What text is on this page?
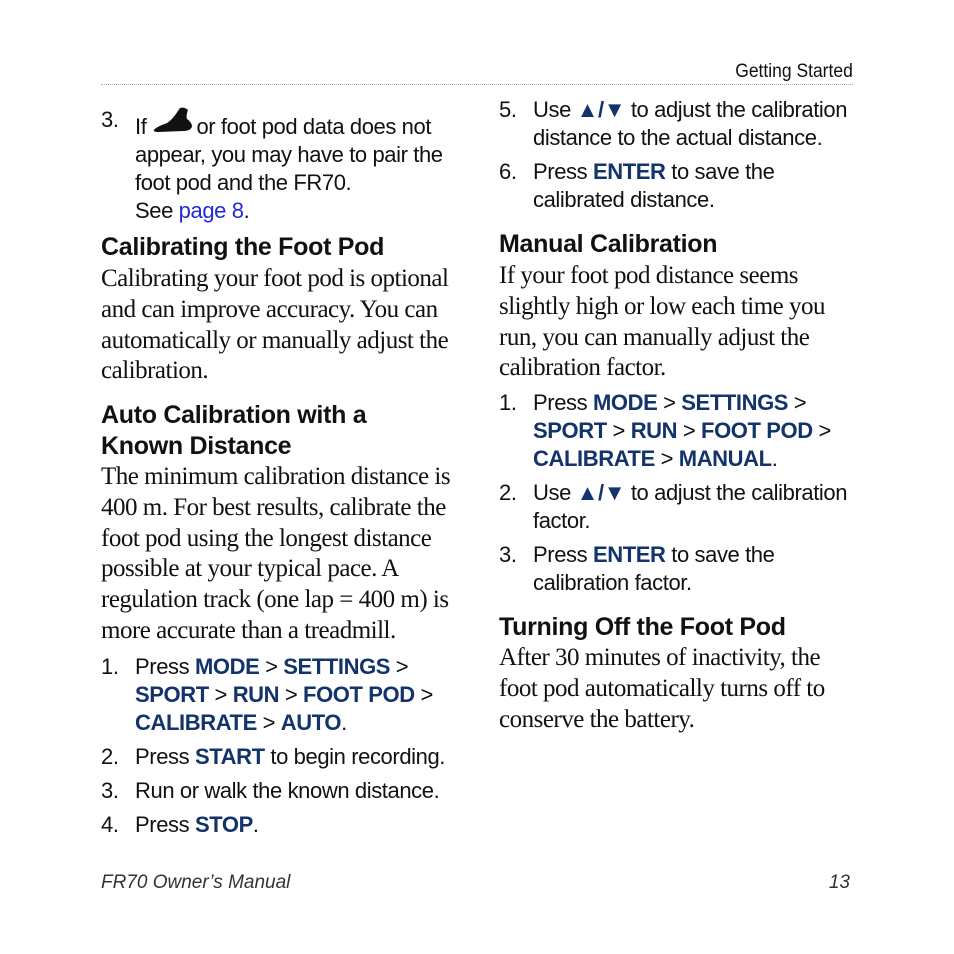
Getting Started
3. If or foot pod data does not
appear, you may have to pair the
foot pod and the FR70.
See page 8.
Calibrating the Foot Pod
Calibrating your foot pod is optional
and can improve accuracy. You can
automatically or manually adjust the
calibration.
Auto Calibration with a
Known Distance
The minimum calibration distance is
400 m. For best results, calibrate the
foot pod using the longest distance
possible at your typical pace. A
regulation track (one lap = 400 m) is
more accurate than a treadmill.
1. Press MODE > SETTINGS >
SPORT > RUN > FOOT POD >
CALIBRATE > AUTO.
2. Press START to begin recording.
3. Run or walk the known distance.
4. Press STOP.
5. Use ▲/▼ to adjust the calibration
distance to the actual distance.
6. Press ENTER to save the
calibrated distance.
Manual Calibration
If your foot pod distance seems
slightly high or low each time you
run, you can manually adjust the
calibration factor.
1. Press MODE > SETTINGS >
SPORT > RUN > FOOT POD >
CALIBRATE > MANUAL.
2. Use ▲/▼ to adjust the calibration
factor.
3. Press ENTER to save the
calibration factor.
Turning Off the Foot Pod
After 30 minutes of inactivity, the
foot pod automatically turns off to
conserve the battery.
FR70 Owner’s Manual	13
